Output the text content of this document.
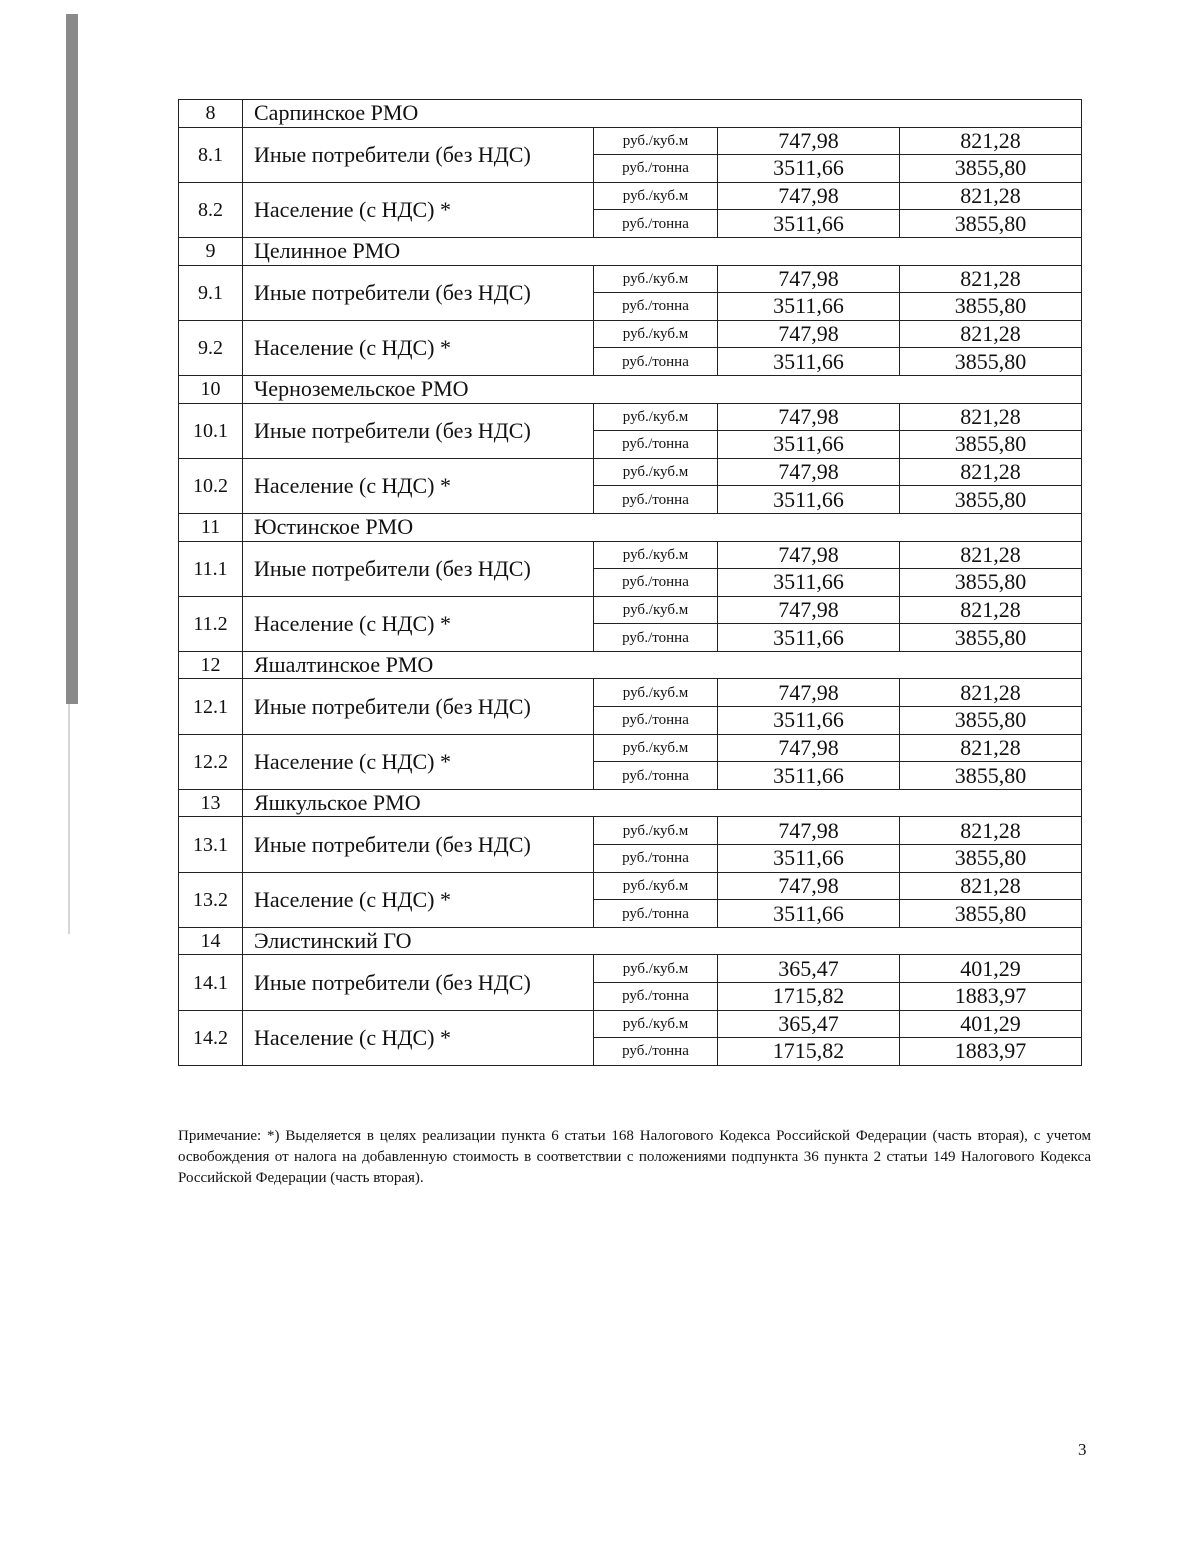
8	Сарпинское РМО			
8.1	Иные потребители (без НДС)	руб./куб.м	747,98	821,28
		руб./тонна	3511,66	3855,80
8.2	Население (с НДС) *	руб./куб.м	747,98	821,28
		руб./тонна	3511,66	3855,80
9	Целинное РМО			
9.1	Иные потребители (без НДС)	руб./куб.м	747,98	821,28
		руб./тонна	3511,66	3855,80
9.2	Население (с НДС) *	руб./куб.м	747,98	821,28
		руб./тонна	3511,66	3855,80
10	Черноземельское РМО			
10.1	Иные потребители (без НДС)	руб./куб.м	747,98	821,28
		руб./тонна	3511,66	3855,80
10.2	Население (с НДС) *	руб./куб.м	747,98	821,28
		руб./тонна	3511,66	3855,80
11	Юстинское РМО			
11.1	Иные потребители (без НДС)	руб./куб.м	747,98	821,28
		руб./тонна	3511,66	3855,80
11.2	Население (с НДС) *	руб./куб.м	747,98	821,28
		руб./тонна	3511,66	3855,80
12	Яшалтинское РМО			
12.1	Иные потребители (без НДС)	руб./куб.м	747,98	821,28
		руб./тонна	3511,66	3855,80
12.2	Население (с НДС) *	руб./куб.м	747,98	821,28
		руб./тонна	3511,66	3855,80
13	Яшкульское РМО			
13.1	Иные потребители (без НДС)	руб./куб.м	747,98	821,28
		руб./тонна	3511,66	3855,80
13.2	Население (с НДС) *	руб./куб.м	747,98	821,28
		руб./тонна	3511,66	3855,80
14	Элистинский ГО			
14.1	Иные потребители (без НДС)	руб./куб.м	365,47	401,29
		руб./тонна	1715,82	1883,97
14.2	Население (с НДС) *	руб./куб.м	365,47	401,29
		руб./тонна	1715,82	1883,97
Примечание: *) Выделяется в целях реализации пункта 6 статьи 168 Налогового Кодекса Российской Федерации (часть вторая), с учетом освобождения от налога на добавленную стоимость в соответствии с положениями подпункта 36 пункта 2 статьи 149 Налогового Кодекса Российской Федерации (часть вторая).
3
